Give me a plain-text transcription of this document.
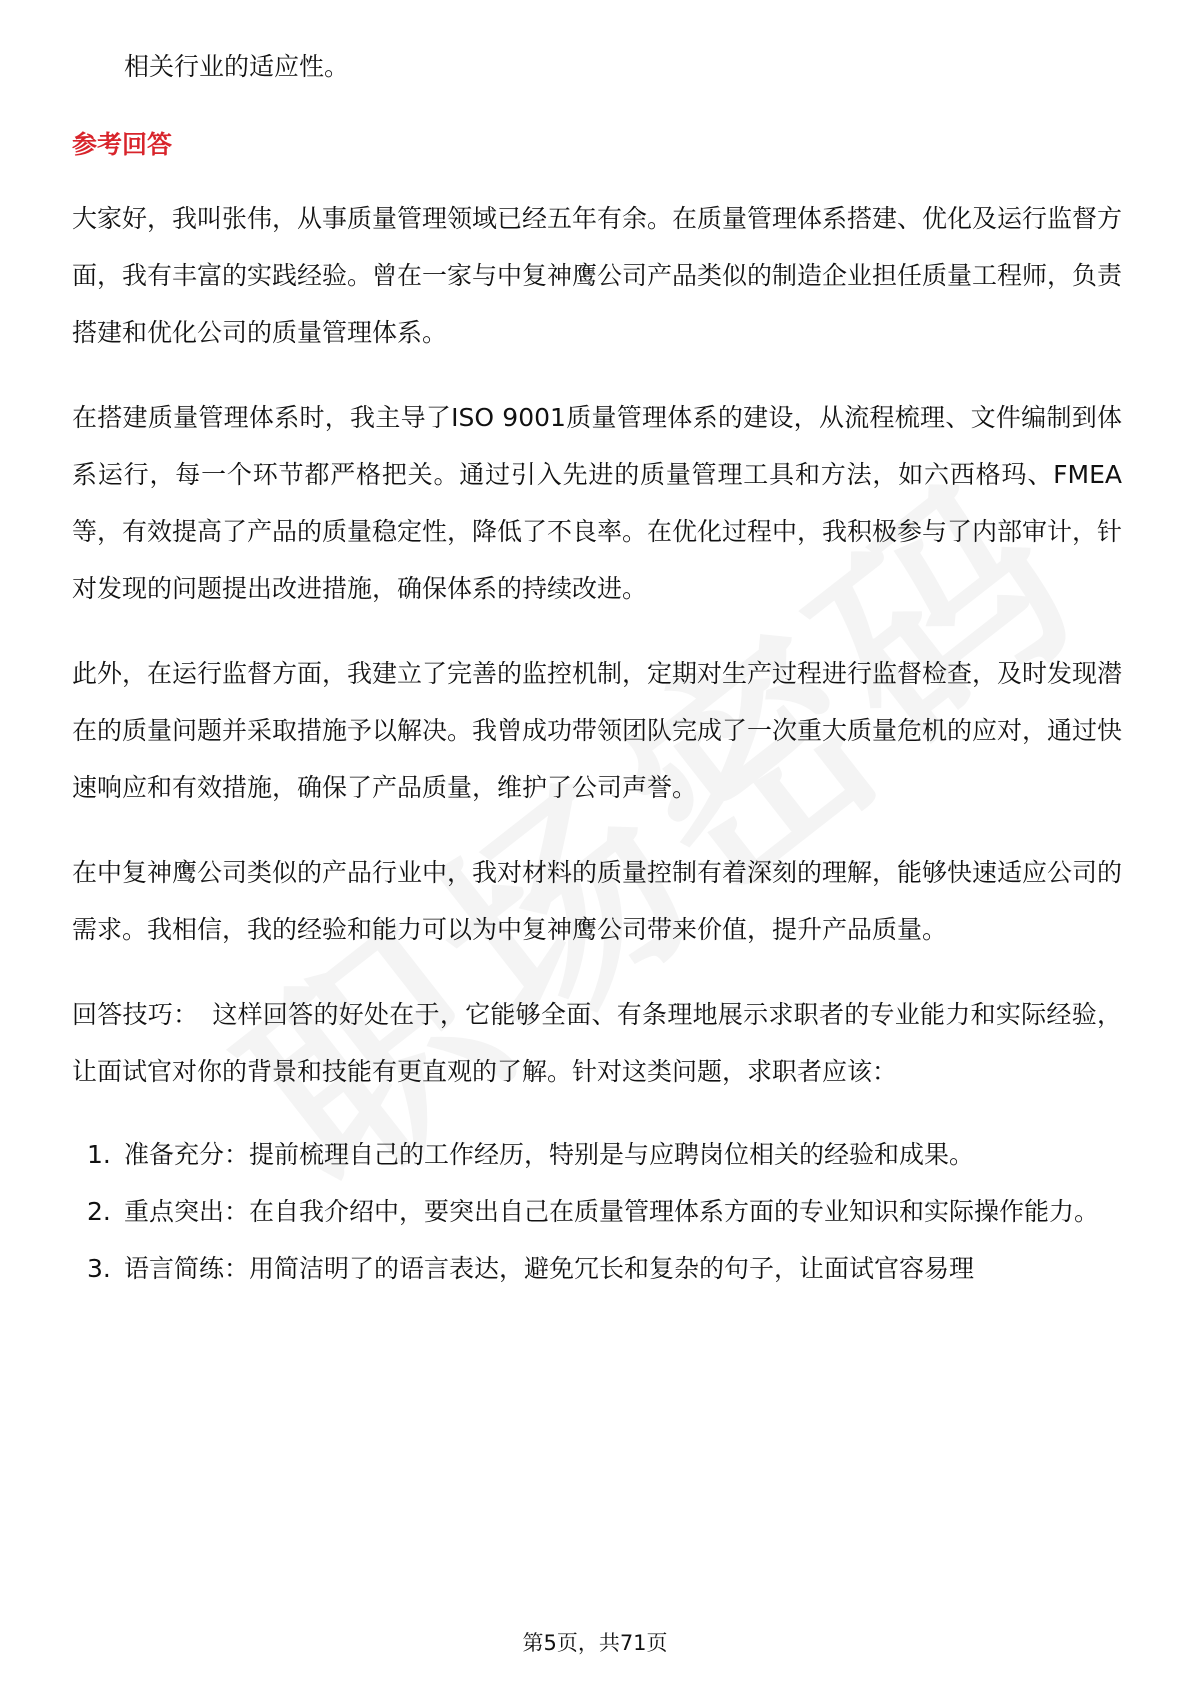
相关行业的适应性。

参考回答

大家好，我叫张伟，从事质量管理领域已经五年有余。在质量管理体系搭建、优化及运行监督方面，我有丰富的实践经验。曾在一家与中复神鹰公司产品类似的制造企业担任质量工程师，负责搭建和优化公司的质量管理体系。

在搭建质量管理体系时，我主导了ISO 9001质量管理体系的建设，从流程梳理、文件编制到体系运行，每一个环节都严格把关。通过引入先进的质量管理工具和方法，如六西格玛、FMEA等，有效提高了产品的质量稳定性，降低了不良率。在优化过程中，我积极参与了内部审计，针对发现的问题提出改进措施，确保体系的持续改进。

此外，在运行监督方面，我建立了完善的监控机制，定期对生产过程进行监督检查，及时发现潜在的质量问题并采取措施予以解决。我曾成功带领团队完成了一次重大质量危机的应对，通过快速响应和有效措施，确保了产品质量，维护了公司声誉。

在中复神鹰公司类似的产品行业中，我对材料的质量控制有着深刻的理解，能够快速适应公司的需求。我相信，我的经验和能力可以为中复神鹰公司带来价值，提升产品质量。

回答技巧： 这样回答的好处在于，它能够全面、有条理地展示求职者的专业能力和实际经验，让面试官对你的背景和技能有更直观的了解。针对这类问题，求职者应该：

1. 准备充分：提前梳理自己的工作经历，特别是与应聘岗位相关的经验和成果。
2. 重点突出：在自我介绍中，要突出自己在质量管理体系方面的专业知识和实际操作能力。
3. 语言简练：用简洁明了的语言表达，避免冗长和复杂的句子，让面试官容易理
第5页，共71页
